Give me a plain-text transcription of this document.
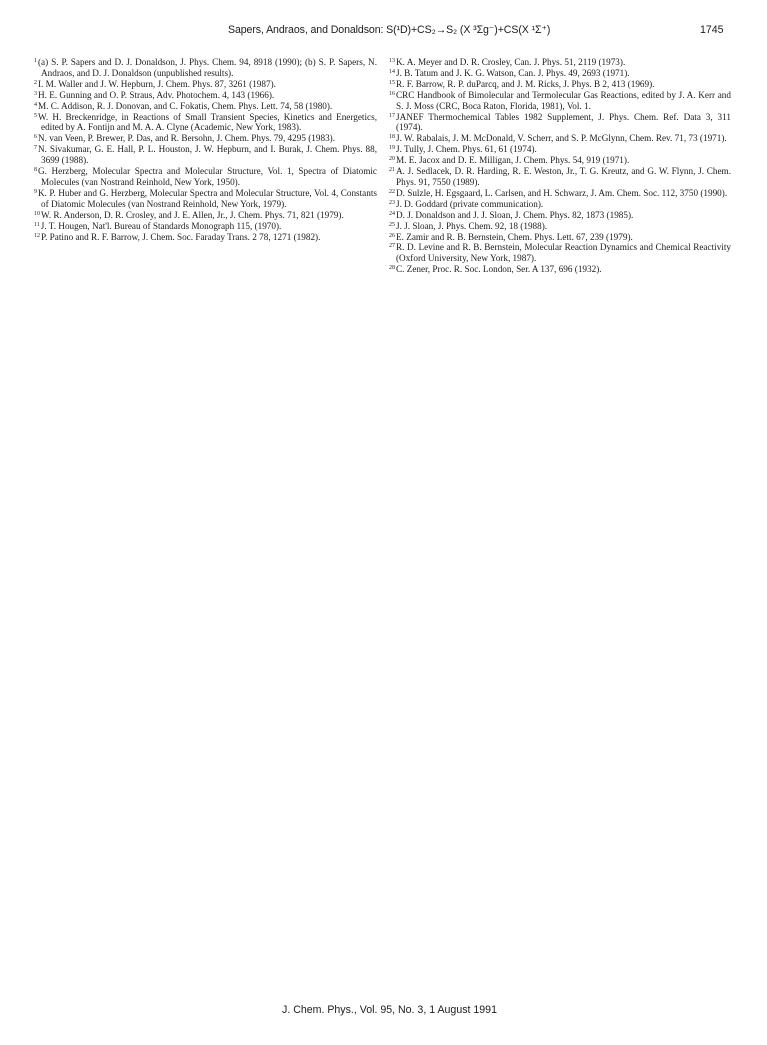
Sapers, Andraos, and Donaldson: S(¹D)+CS₂→S₂ (X ³Σg⁻)+CS(X ¹Σ⁺)	1745

$^1$(a) S. P. Sapers and D. J. Donaldson, J. Phys. Chem. 94, 8918 (1990); (b) S. P. Sapers, N. Andraos, and D. J. Donaldson (unpublished results).

$^2$I. M. Waller and J. W. Hepburn, J. Chem. Phys. 87, 3261 (1987).

$^3$H. E. Gunning and O. P. Straus, Adv. Photochem. 4, 143 (1966).

$^4$M. C. Addison, R. J. Donovan, and C. Fokatis, Chem. Phys. Lett. 74, 58 (1980).

$^5$W. H. Breckenridge, in Reactions of Small Transient Species, Kinetics and Energetics, edited by A. Fontijn and M. A. A. Clyne (Academic, New York, 1983).

$^6$N. van Veen, P. Brewer, P. Das, and R. Bersohn, J. Chem. Phys. 79, 4295 (1983).

$^7$N. Sivakumar, G. E. Hall, P. L. Houston, J. W. Hepburn, and I. Burak, J. Chem. Phys. 88, 3699 (1988).

$^8$G. Herzberg, Molecular Spectra and Molecular Structure, Vol. 1, Spectra of Diatomic Molecules (van Nostrand Reinhold, New York, 1950).

$^9$K. P. Huber and G. Herzberg, Molecular Spectra and Molecular Structure, Vol. 4, Constants of Diatomic Molecules (van Nostrand Reinhold, New York, 1979).

$^{10}$W. R. Anderson, D. R. Crosley, and J. E. Allen, Jr., J. Chem. Phys. 71, 821 (1979).

$^{11}$J. T. Hougen, Nat'l. Bureau of Standards Monograph 115, (1970).

$^{12}$P. Patino and R. F. Barrow, J. Chem. Soc. Faraday Trans. 2 78, 1271 (1982).

$^{13}$K. A. Meyer and D. R. Crosley, Can. J. Phys. 51, 2119 (1973).

$^{14}$J. B. Tatum and J. K. G. Watson, Can. J. Phys. 49, 2693 (1971).

$^{15}$R. F. Barrow, R. P. duParcq, and J. M. Ricks, J. Phys. B 2, 413 (1969).

$^{16}$CRC Handbook of Bimolecular and Termolecular Gas Reactions, edited by J. A. Kerr and S. J. Moss (CRC, Boca Raton, Florida, 1981), Vol. 1.

$^{17}$JANEF Thermochemical Tables 1982 Supplement, J. Phys. Chem. Ref. Data 3, 311 (1974).

$^{18}$J. W. Rabalais, J. M. McDonald, V. Scherr, and S. P. McGlynn, Chem. Rev. 71, 73 (1971).

$^{19}$J. Tully, J. Chem. Phys. 61, 61 (1974).

$^{20}$M. E. Jacox and D. E. Milligan, J. Chem. Phys. 54, 919 (1971).

$^{21}$A. J. Sedlacek, D. R. Harding, R. E. Weston, Jr., T. G. Kreutz, and G. W. Flynn, J. Chem. Phys. 91, 7550 (1989).

$^{22}$D. Sulzle, H. Egsgaard, L. Carlsen, and H. Schwarz, J. Am. Chem. Soc. 112, 3750 (1990).

$^{23}$J. D. Goddard (private communication).

$^{24}$D. J. Donaldson and J. J. Sloan, J. Chem. Phys. 82, 1873 (1985).

$^{25}$J. J. Sloan, J. Phys. Chem. 92, 18 (1988).

$^{26}$E. Zamir and R. B. Bernstein, Chem. Phys. Lett. 67, 239 (1979).

$^{27}$R. D. Levine and R. B. Bernstein, Molecular Reaction Dynamics and Chemical Reactivity (Oxford University, New York, 1987).

$^{28}$C. Zener, Proc. R. Soc. London, Ser. A 137, 696 (1932).

J. Chem. Phys., Vol. 95, No. 3, 1 August 1991
